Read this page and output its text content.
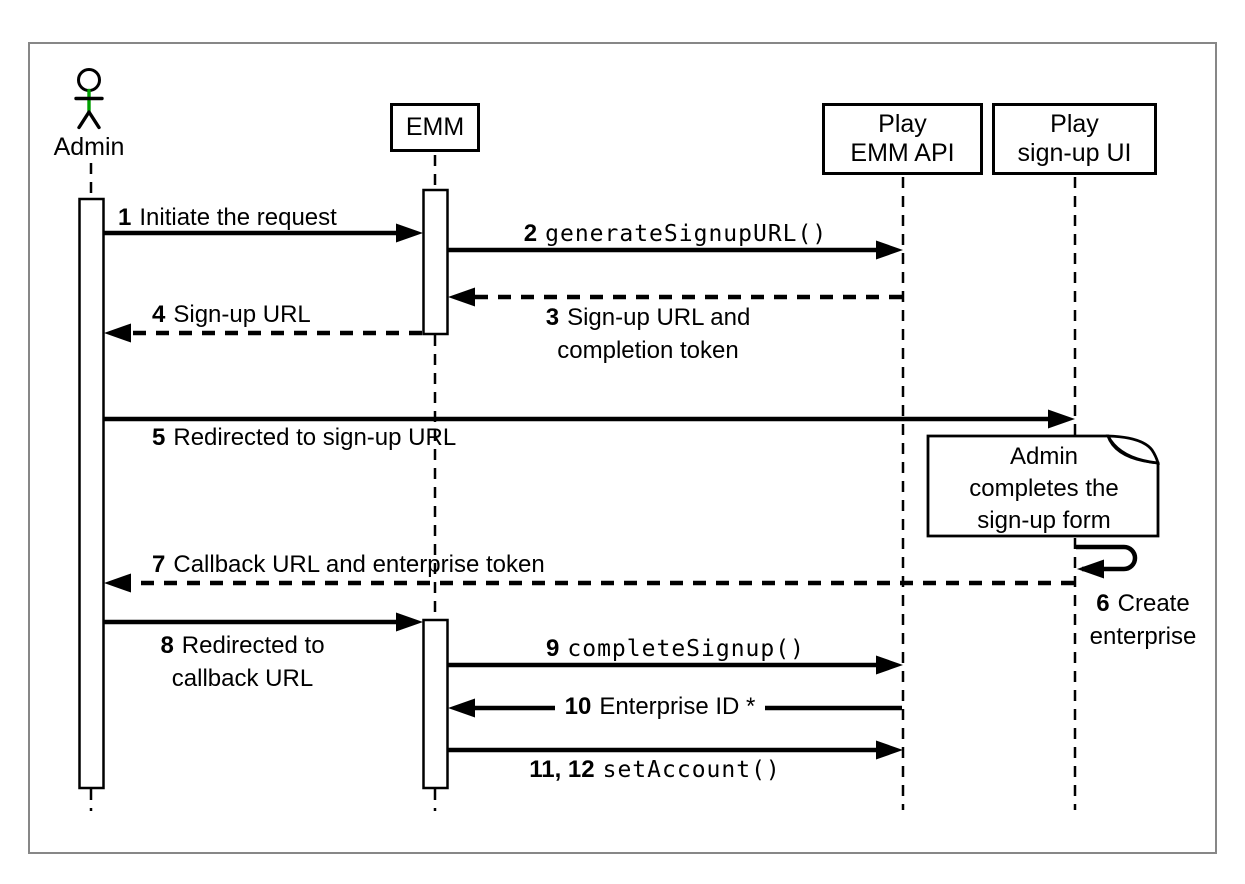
Admin
EMM	Play
EMM API
Play
sign-up UI
1 Initiate the request
2 generateSignupURL()
3 Sign-up URL and
completion token
4 Sign-up URL
5 Redirected to sign-up URL
6 Create
enterprise
7 Callback URL and enterprise token
8 Redirected to
callback URL
9 completeSignup()
10 Enterprise ID *
11, 12 setAccount()
Admin
completes the
sign-up form
